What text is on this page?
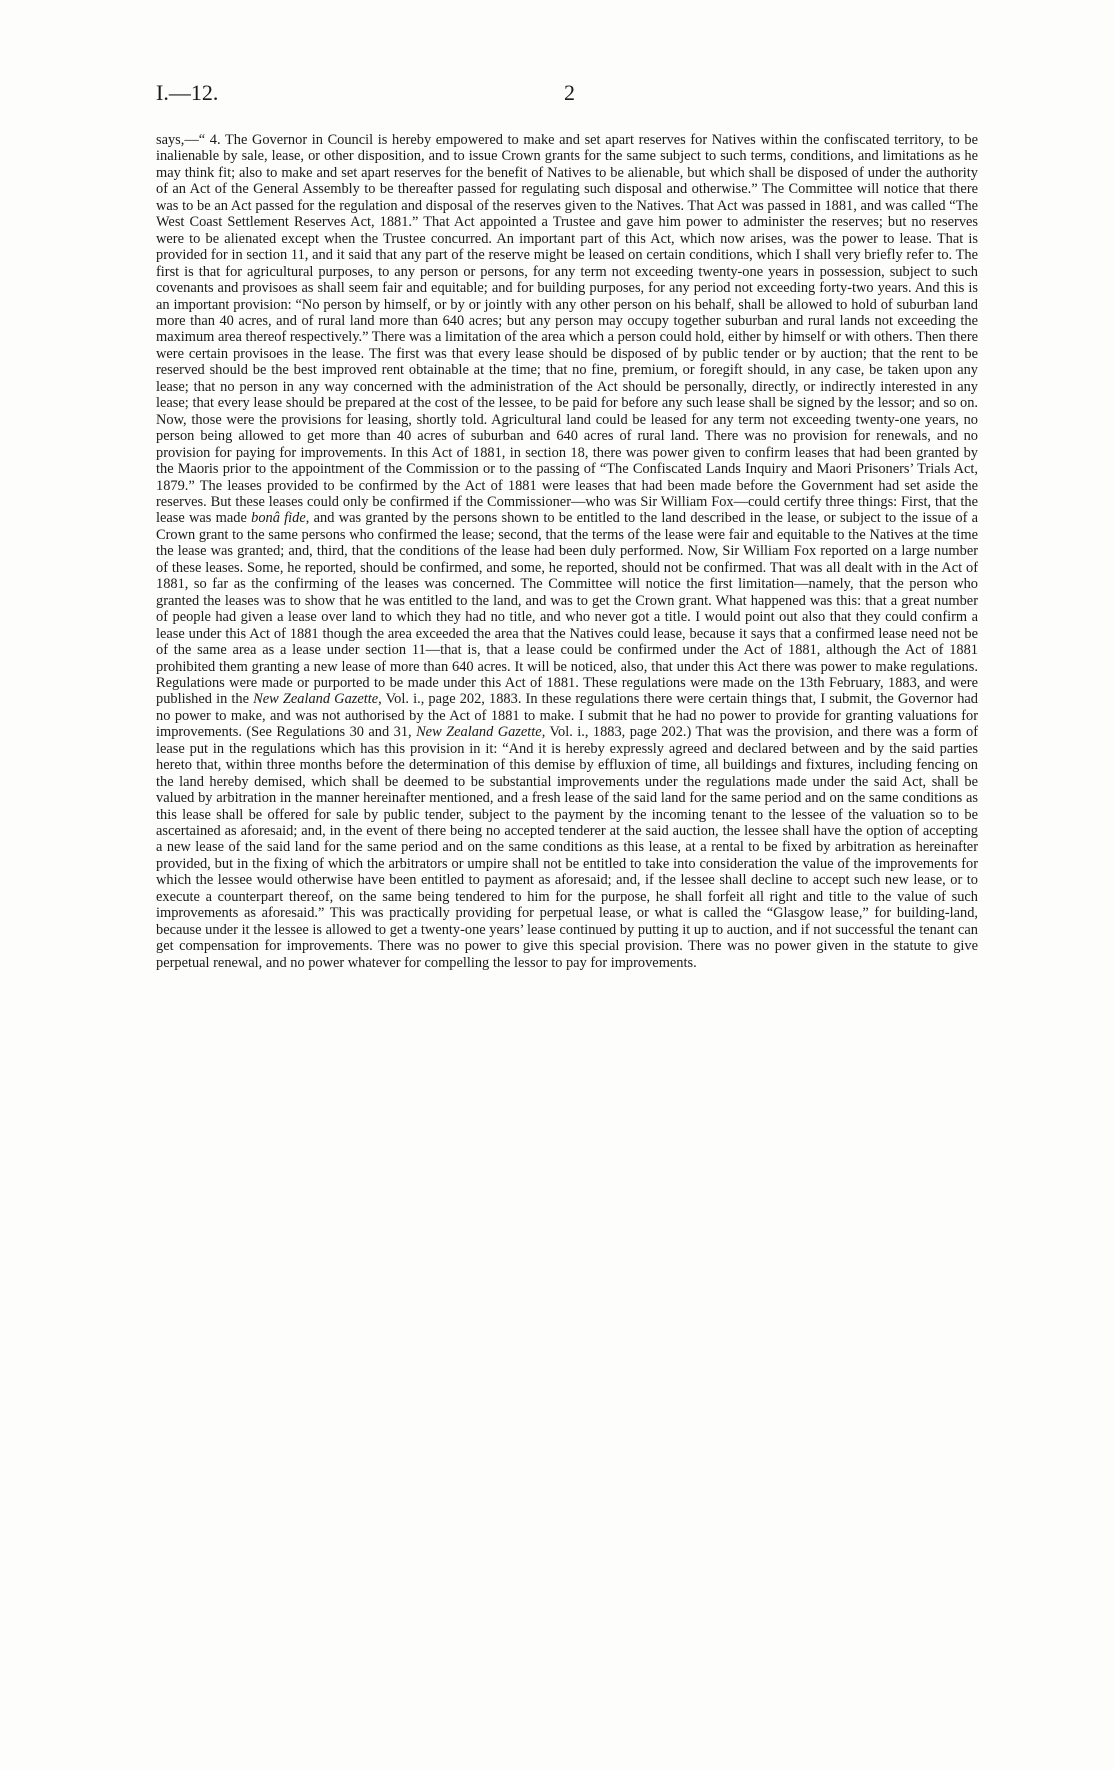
I.—12.	2

says,—“ 4. The Governor in Council is hereby empowered to make and set apart reserves for Natives within the confiscated territory, to be inalienable by sale, lease, or other disposition, and to issue Crown grants for the same subject to such terms, conditions, and limitations as he may think fit; also to make and set apart reserves for the benefit of Natives to be alienable, but which shall be disposed of under the authority of an Act of the General Assembly to be thereafter passed for regulating such disposal and otherwise.” The Committee will notice that there was to be an Act passed for the regulation and disposal of the reserves given to the Natives. That Act was passed in 1881, and was called “The West Coast Settlement Reserves Act, 1881.” That Act appointed a Trustee and gave him power to administer the reserves; but no reserves were to be alienated except when the Trustee concurred. An important part of this Act, which now arises, was the power to lease. That is provided for in section 11, and it said that any part of the reserve might be leased on certain conditions, which I shall very briefly refer to. The first is that for agricultural purposes, to any person or persons, for any term not exceeding twenty-one years in possession, subject to such covenants and provisoes as shall seem fair and equitable; and for building purposes, for any period not exceeding forty-two years. And this is an important provision: “No person by himself, or by or jointly with any other person on his behalf, shall be allowed to hold of suburban land more than 40 acres, and of rural land more than 640 acres; but any person may occupy together suburban and rural lands not exceeding the maximum area thereof respectively.” There was a limitation of the area which a person could hold, either by himself or with others. Then there were certain provisoes in the lease. The first was that every lease should be disposed of by public tender or by auction; that the rent to be reserved should be the best improved rent obtainable at the time; that no fine, premium, or foregift should, in any case, be taken upon any lease; that no person in any way concerned with the administration of the Act should be personally, directly, or indirectly interested in any lease; that every lease should be prepared at the cost of the lessee, to be paid for before any such lease shall be signed by the lessor; and so on. Now, those were the provisions for leasing, shortly told. Agricultural land could be leased for any term not exceeding twenty-one years, no person being allowed to get more than 40 acres of suburban and 640 acres of rural land. There was no provision for renewals, and no provision for paying for improvements. In this Act of 1881, in section 18, there was power given to confirm leases that had been granted by the Maoris prior to the appointment of the Commission or to the passing of “The Confiscated Lands Inquiry and Maori Prisoners’ Trials Act, 1879.” The leases provided to be confirmed by the Act of 1881 were leases that had been made before the Government had set aside the reserves. But these leases could only be confirmed if the Commissioner—who was Sir William Fox—could certify three things: First, that the lease was made bonâ fide, and was granted by the persons shown to be entitled to the land described in the lease, or subject to the issue of a Crown grant to the same persons who confirmed the lease; second, that the terms of the lease were fair and equitable to the Natives at the time the lease was granted; and, third, that the conditions of the lease had been duly performed. Now, Sir William Fox reported on a large number of these leases. Some, he reported, should be confirmed, and some, he reported, should not be confirmed. That was all dealt with in the Act of 1881, so far as the confirming of the leases was concerned. The Committee will notice the first limitation—namely, that the person who granted the leases was to show that he was entitled to the land, and was to get the Crown grant. What happened was this: that a great number of people had given a lease over land to which they had no title, and who never got a title. I would point out also that they could confirm a lease under this Act of 1881 though the area exceeded the area that the Natives could lease, because it says that a confirmed lease need not be of the same area as a lease under section 11—that is, that a lease could be confirmed under the Act of 1881, although the Act of 1881 prohibited them granting a new lease of more than 640 acres. It will be noticed, also, that under this Act there was power to make regulations. Regulations were made or purported to be made under this Act of 1881. These regulations were made on the 13th February, 1883, and were published in the New Zealand Gazette, Vol. i., page 202, 1883. In these regulations there were certain things that, I submit, the Governor had no power to make, and was not authorised by the Act of 1881 to make. I submit that he had no power to provide for granting valuations for improvements. (See Regulations 30 and 31, New Zealand Gazette, Vol. i., 1883, page 202.) That was the provision, and there was a form of lease put in the regulations which has this provision in it: “And it is hereby expressly agreed and declared between and by the said parties hereto that, within three months before the determination of this demise by effluxion of time, all buildings and fixtures, including fencing on the land hereby demised, which shall be deemed to be substantial improvements under the regulations made under the said Act, shall be valued by arbitration in the manner hereinafter mentioned, and a fresh lease of the said land for the same period and on the same conditions as this lease shall be offered for sale by public tender, subject to the payment by the incoming tenant to the lessee of the valuation so to be ascertained as aforesaid; and, in the event of there being no accepted tenderer at the said auction, the lessee shall have the option of accepting a new lease of the said land for the same period and on the same conditions as this lease, at a rental to be fixed by arbitration as hereinafter provided, but in the fixing of which the arbitrators or umpire shall not be entitled to take into consideration the value of the improvements for which the lessee would otherwise have been entitled to payment as aforesaid; and, if the lessee shall decline to accept such new lease, or to execute a counterpart thereof, on the same being tendered to him for the purpose, he shall forfeit all right and title to the value of such improvements as aforesaid.” This was practically providing for perpetual lease, or what is called the “Glasgow lease,” for building-land, because under it the lessee is allowed to get a twenty-one years’ lease continued by putting it up to auction, and if not successful the tenant can get compensation for improvements. There was no power to give this special provision. There was no power given in the statute to give perpetual renewal, and no power whatever for compelling the lessor to pay for improvements.
